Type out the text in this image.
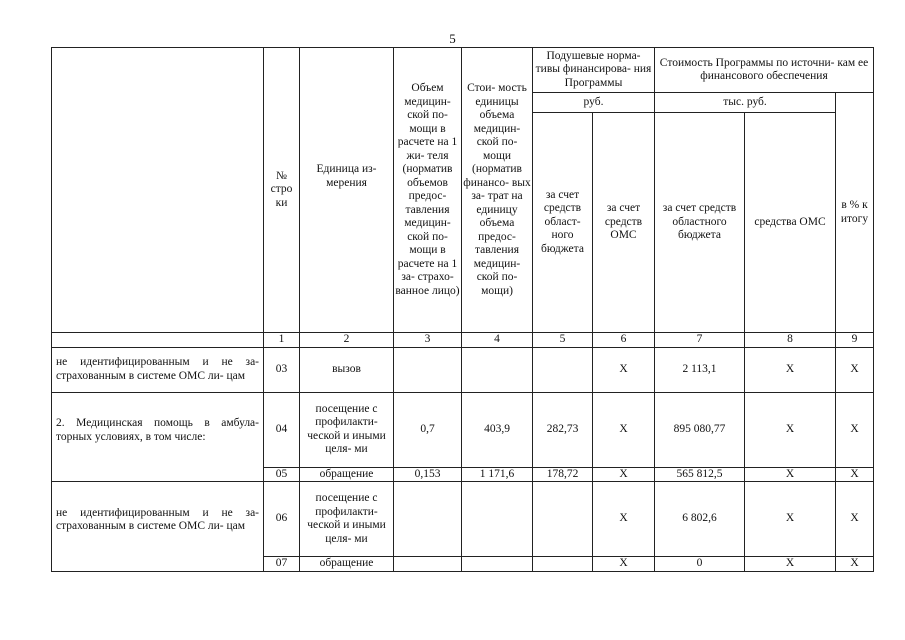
5
	№ стро ки	Единица из- мерения	Объем медицин- ской по- мощи в расчете на 1 жи- теля (норматив объемов предос- тавления медицин- ской по- мощи в расчете на 1 за- страхо- ванное лицо)	Стои- мость единицы объема медицин- ской по- мощи (норматив финансо- вых за- трат на единицу объема предос- тавления медицин- ской по- мощи)	Подушевые норма- тивы финансирова- ния Программы		Стоимость Программы по источни- кам ее финансового обеспечения		
					руб.		тыс. руб.		в % к итогу
					за счет средств област- ного бюджета	за счет средств ОМС	за счет средств областного бюджета	средства ОМС	
	1	2	3	4	5	6	7	8	9
не идентифицированным и не за- страхованным в системе ОМС ли- цам	03	вызов				X	2 113,1	X	X
2. Медицинская помощь в амбула- торных условиях, в том числе:	04	посещение с профилакти- ческой и иными целя- ми	0,7	403,9	282,73	X	895 080,77	X	X
	05	обращение	0,153	1 171,6	178,72	X	565 812,5	X	X
не идентифицированным и не за- страхованным в системе ОМС ли- цам	06	посещение с профилакти- ческой и иными целя- ми				X	6 802,6	X	X
	07	обращение				X	0	X	X
